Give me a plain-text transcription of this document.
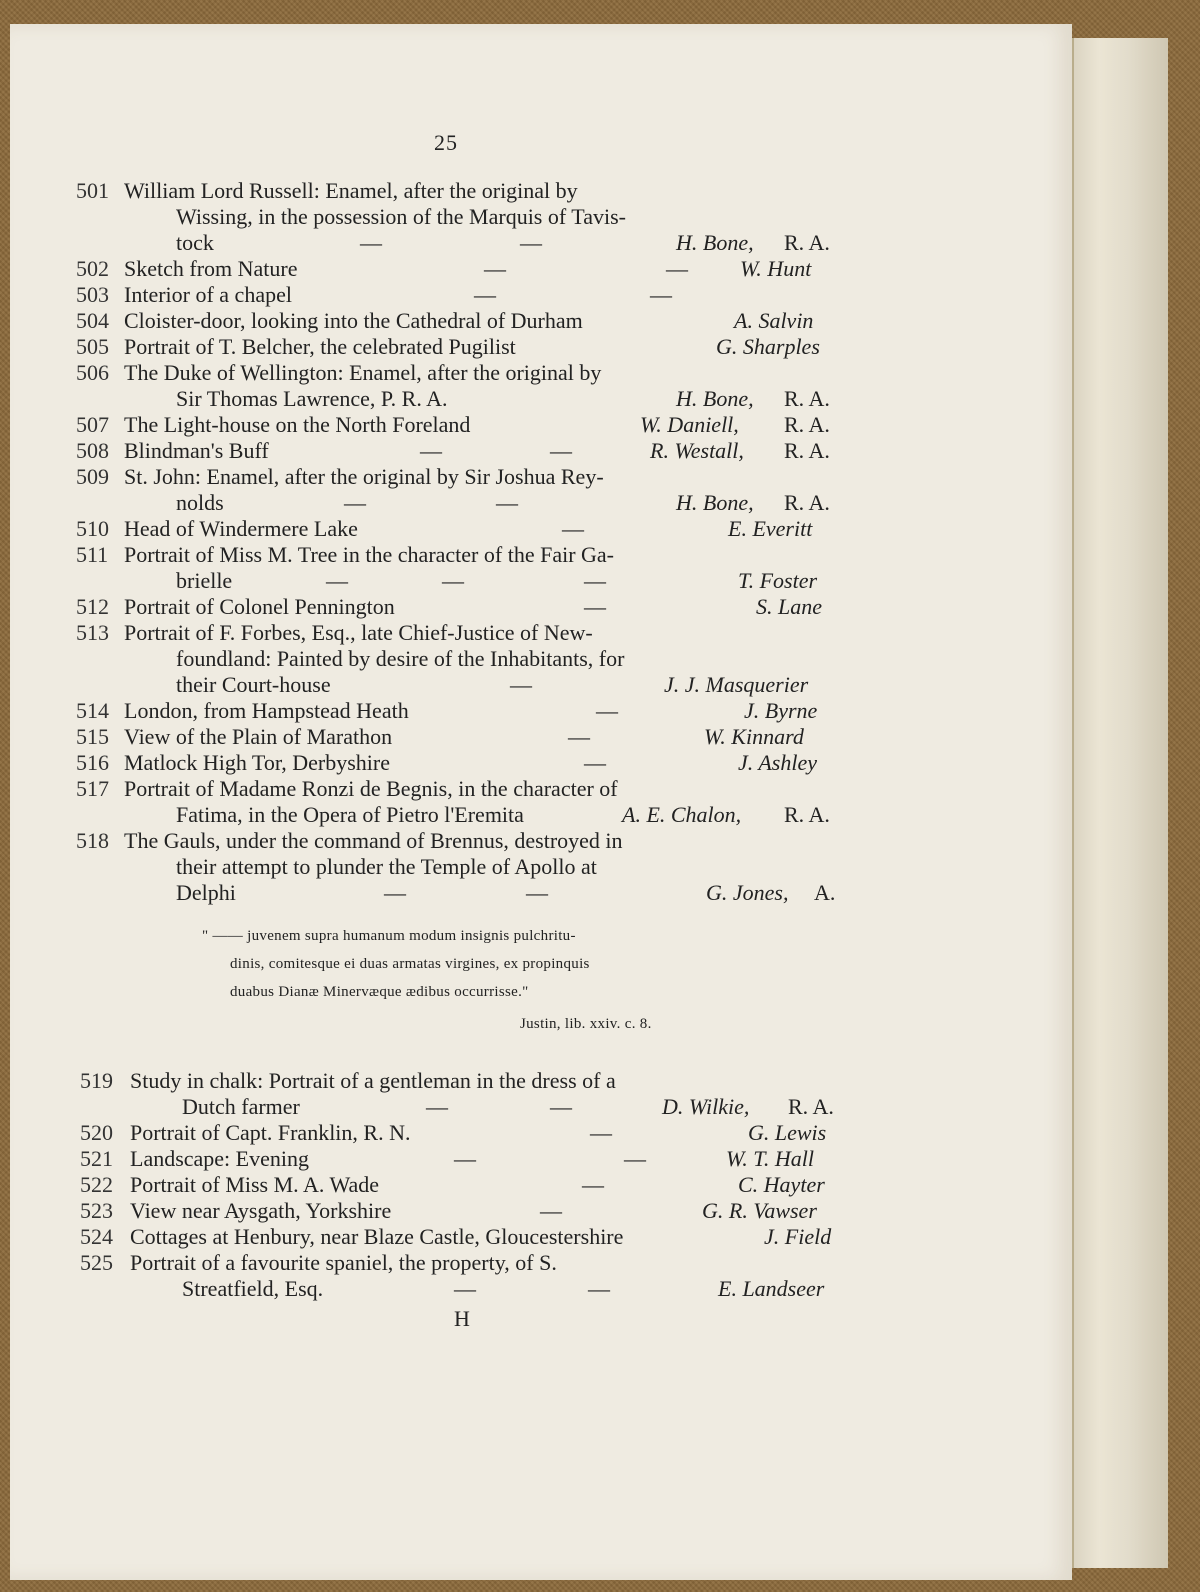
25
501 William Lord Russell: Enamel, after the original by
Wissing, in the possession of the Marquis of Tavis-
tock	—	—	H. Bone, R. A.
502 Sketch from Nature	—	— W. Hunt
503 Interior of a chapel	—	—
504 Cloister-door, looking into the Cathedral of Durham	A. Salvin
505 Portrait of T. Belcher, the celebrated Pugilist	G. Sharples
506 The Duke of Wellington: Enamel, after the original by
Sir Thomas Lawrence, P. R. A.	H. Bone, R. A.
507 The Light-house on the North Foreland	W. Daniell, R. A.
508 Blindman's Buff	—	—	R. Westall, R. A.
509 St. John: Enamel, after the original by Sir Joshua Rey-
nolds	—	—	H. Bone, R. A.
510 Head of Windermere Lake	—	E. Everitt
511 Portrait of Miss M. Tree in the character of the Fair Ga-
brielle	—	—	—	T. Foster
512 Portrait of Colonel Pennington	—	S. Lane
513 Portrait of F. Forbes, Esq., late Chief-Justice of New-
foundland: Painted by desire of the Inhabitants, for
their Court-house	—	J. J. Masquerier
514 London, from Hampstead Heath	—	J. Byrne
515 View of the Plain of Marathon	—	W. Kinnard
516 Matlock High Tor, Derbyshire	—	J. Ashley
517 Portrait of Madame Ronzi de Begnis, in the character of
Fatima, in the Opera of Pietro l'Eremita	A. E. Chalon, R. A.
518 The Gauls, under the command of Brennus, destroyed in
their attempt to plunder the Temple of Apollo at
Delphi	—	—	G. Jones, A.
" —— juvenem supra humanum modum insignis pulchritu-
dinis, comitesque ei duas armatas virgines, ex propinquis
duabus Dianæ Minervæque ædibus occurrisse."
Justin, lib. xxiv. c. 8.
519 Study in chalk: Portrait of a gentleman in the dress of a
Dutch farmer	—	—	D. Wilkie, R. A.
520 Portrait of Capt. Franklin, R. N.	—	G. Lewis
521 Landscape: Evening	—	—	W. T. Hall
522 Portrait of Miss M. A. Wade	—	C. Hayter
523 View near Aysgath, Yorkshire	—	G. R. Vawser
524 Cottages at Henbury, near Blaze Castle, Gloucestershire	J. Field
525 Portrait of a favourite spaniel, the property, of S.
Streatfield, Esq.	—	—	E. Landseer
H
